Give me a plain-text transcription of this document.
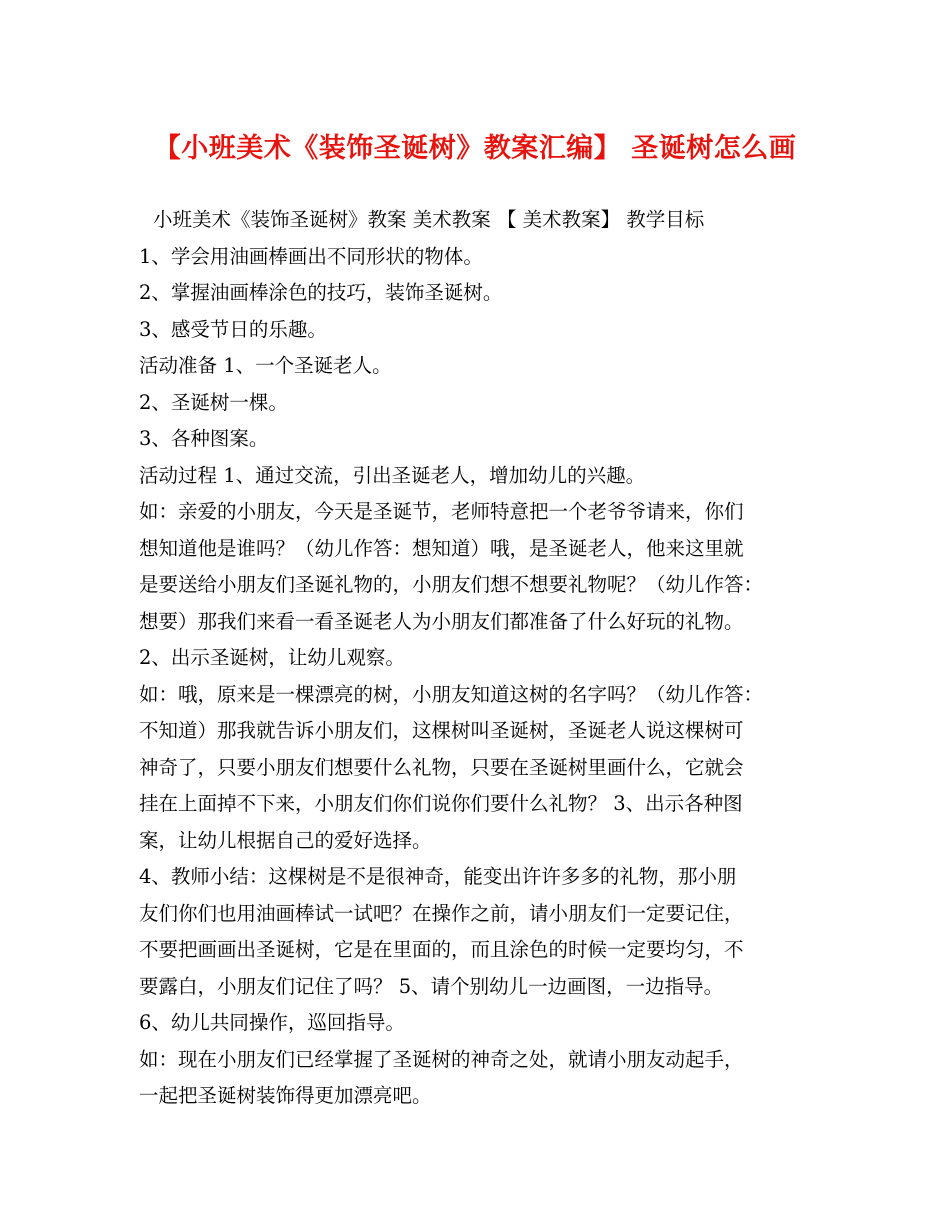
【小班美术《装饰圣诞树》教案汇编】 圣诞树怎么画
小班美术《装饰圣诞树》教案 美术教案 【 美术教案】 教学目标
1、学会用油画棒画出不同形状的物体。
2、掌握油画棒涂色的技巧，装饰圣诞树。
3、感受节日的乐趣。
活动准备 1、一个圣诞老人。
2、圣诞树一棵。
3、各种图案。
活动过程 1、通过交流，引出圣诞老人，增加幼儿的兴趣。
如：亲爱的小朋友，今天是圣诞节，老师特意把一个老爷爷请来，你们
想知道他是谁吗？（幼儿作答：想知道）哦，是圣诞老人，他来这里就
是要送给小朋友们圣诞礼物的，小朋友们想不想要礼物呢？（幼儿作答：
想要）那我们来看一看圣诞老人为小朋友们都准备了什么好玩的礼物。
2、出示圣诞树，让幼儿观察。
如：哦，原来是一棵漂亮的树，小朋友知道这树的名字吗？（幼儿作答：
不知道）那我就告诉小朋友们，这棵树叫圣诞树，圣诞老人说这棵树可
神奇了，只要小朋友们想要什么礼物，只要在圣诞树里画什么，它就会
挂在上面掉不下来，小朋友们你们说你们要什么礼物？ 3、出示各种图
案，让幼儿根据自己的爱好选择。
4、教师小结：这棵树是不是很神奇，能变出许许多多的礼物，那小朋
友们你们也用油画棒试一试吧？在操作之前，请小朋友们一定要记住，
不要把画画出圣诞树，它是在里面的，而且涂色的时候一定要均匀，不
要露白，小朋友们记住了吗？ 5、请个别幼儿一边画图，一边指导。
6、幼儿共同操作，巡回指导。
如：现在小朋友们已经掌握了圣诞树的神奇之处，就请小朋友动起手，
一起把圣诞树装饰得更加漂亮吧。
